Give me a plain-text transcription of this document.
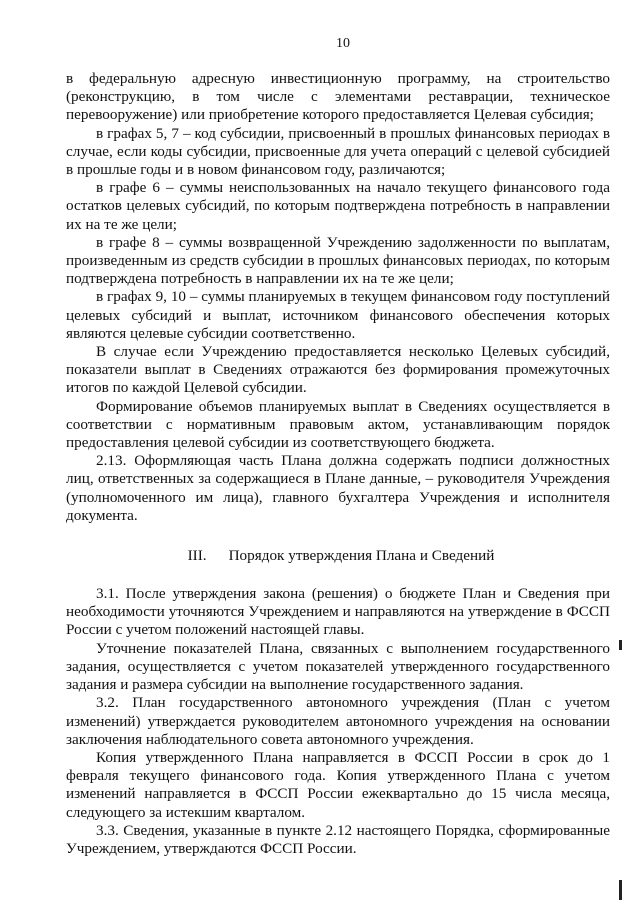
10

в федеральную адресную инвестиционную программу, на строительство (реконструкцию, в том числе с элементами реставрации, техническое перевооружение) или приобретение которого предоставляется Целевая субсидия;

в графах 5, 7 – код субсидии, присвоенный в прошлых финансовых периодах в случае, если коды субсидии, присвоенные для учета операций с целевой субсидией в прошлые годы и в новом финансовом году, различаются;

в графе 6 – суммы неиспользованных на начало текущего финансового года остатков целевых субсидий, по которым подтверждена потребность в направлении их на те же цели;

в графе 8 – суммы возвращенной Учреждению задолженности по выплатам, произведенным из средств субсидии в прошлых финансовых периодах, по которым подтверждена потребность в направлении их на те же цели;

в графах 9, 10 – суммы планируемых в текущем финансовом году поступлений целевых субсидий и выплат, источником финансового обеспечения которых являются целевые субсидии соответственно.

В случае если Учреждению предоставляется несколько Целевых субсидий, показатели выплат в Сведениях отражаются без формирования промежуточных итогов по каждой Целевой субсидии.

Формирование объемов планируемых выплат в Сведениях осуществляется в соответствии с нормативным правовым актом, устанавливающим порядок предоставления целевой субсидии из соответствующего бюджета.

2.13. Оформляющая часть Плана должна содержать подписи должностных лиц, ответственных за содержащиеся в Плане данные, – руководителя Учреждения (уполномоченного им лица), главного бухгалтера Учреждения и исполнителя документа.

III. Порядок утверждения Плана и Сведений

3.1. После утверждения закона (решения) о бюджете План и Сведения при необходимости уточняются Учреждением и направляются на утверждение в ФССП России с учетом положений настоящей главы.

Уточнение показателей Плана, связанных с выполнением государственного задания, осуществляется с учетом показателей утвержденного государственного задания и размера субсидии на выполнение государственного задания.

3.2. План государственного автономного учреждения (План с учетом изменений) утверждается руководителем автономного учреждения на основании заключения наблюдательного совета автономного учреждения.

Копия утвержденного Плана направляется в ФССП России в срок до 1 февраля текущего финансового года. Копия утвержденного Плана с учетом изменений направляется в ФССП России ежеквартально до 15 числа месяца, следующего за истекшим кварталом.

3.3. Сведения, указанные в пункте 2.12 настоящего Порядка, сформированные Учреждением, утверждаются ФССП России.
